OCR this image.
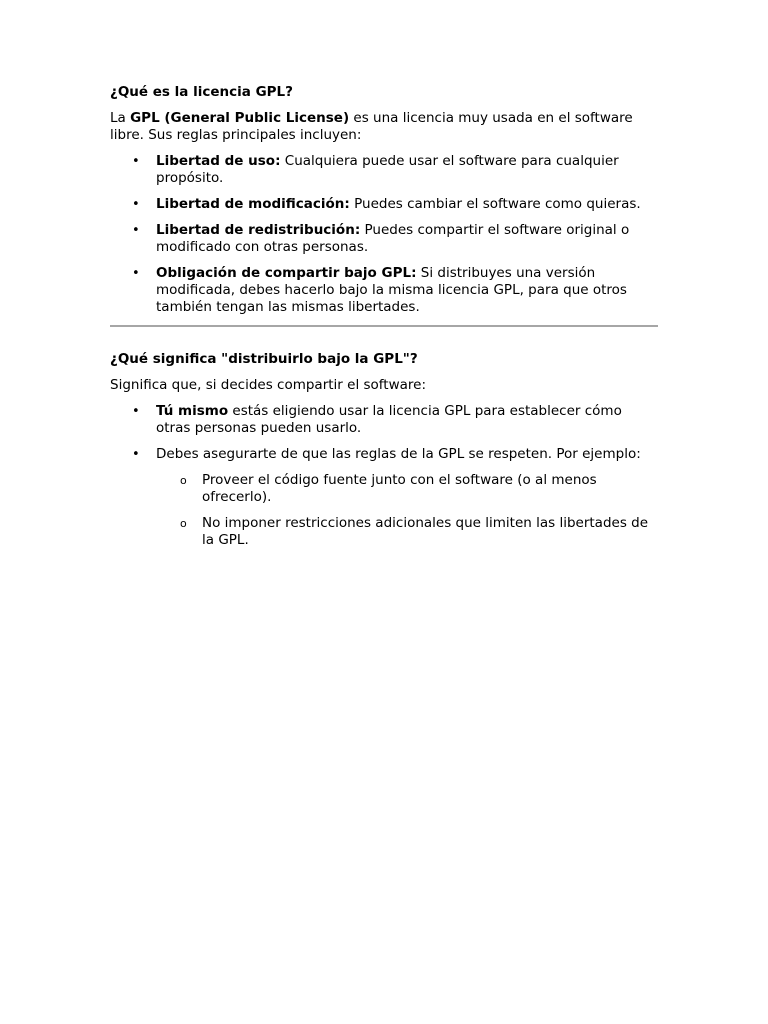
¿Qué es la licencia GPL?

La GPL (General Public License) es una licencia muy usada en el software libre. Sus reglas principales incluyen:

• Libertad de uso: Cualquiera puede usar el software para cualquier propósito.
• Libertad de modificación: Puedes cambiar el software como quieras.
• Libertad de redistribución: Puedes compartir el software original o modificado con otras personas.
• Obligación de compartir bajo GPL: Si distribuyes una versión modificada, debes hacerlo bajo la misma licencia GPL, para que otros también tengan las mismas libertades.
¿Qué significa "distribuirlo bajo la GPL"?

Significa que, si decides compartir el software:

• Tú mismo estás eligiendo usar la licencia GPL para establecer cómo otras personas pueden usarlo.
• Debes asegurarte de que las reglas de la GPL se respeten. Por ejemplo:
o Proveer el código fuente junto con el software (o al menos ofrecerlo).
o No imponer restricciones adicionales que limiten las libertades de la GPL.
